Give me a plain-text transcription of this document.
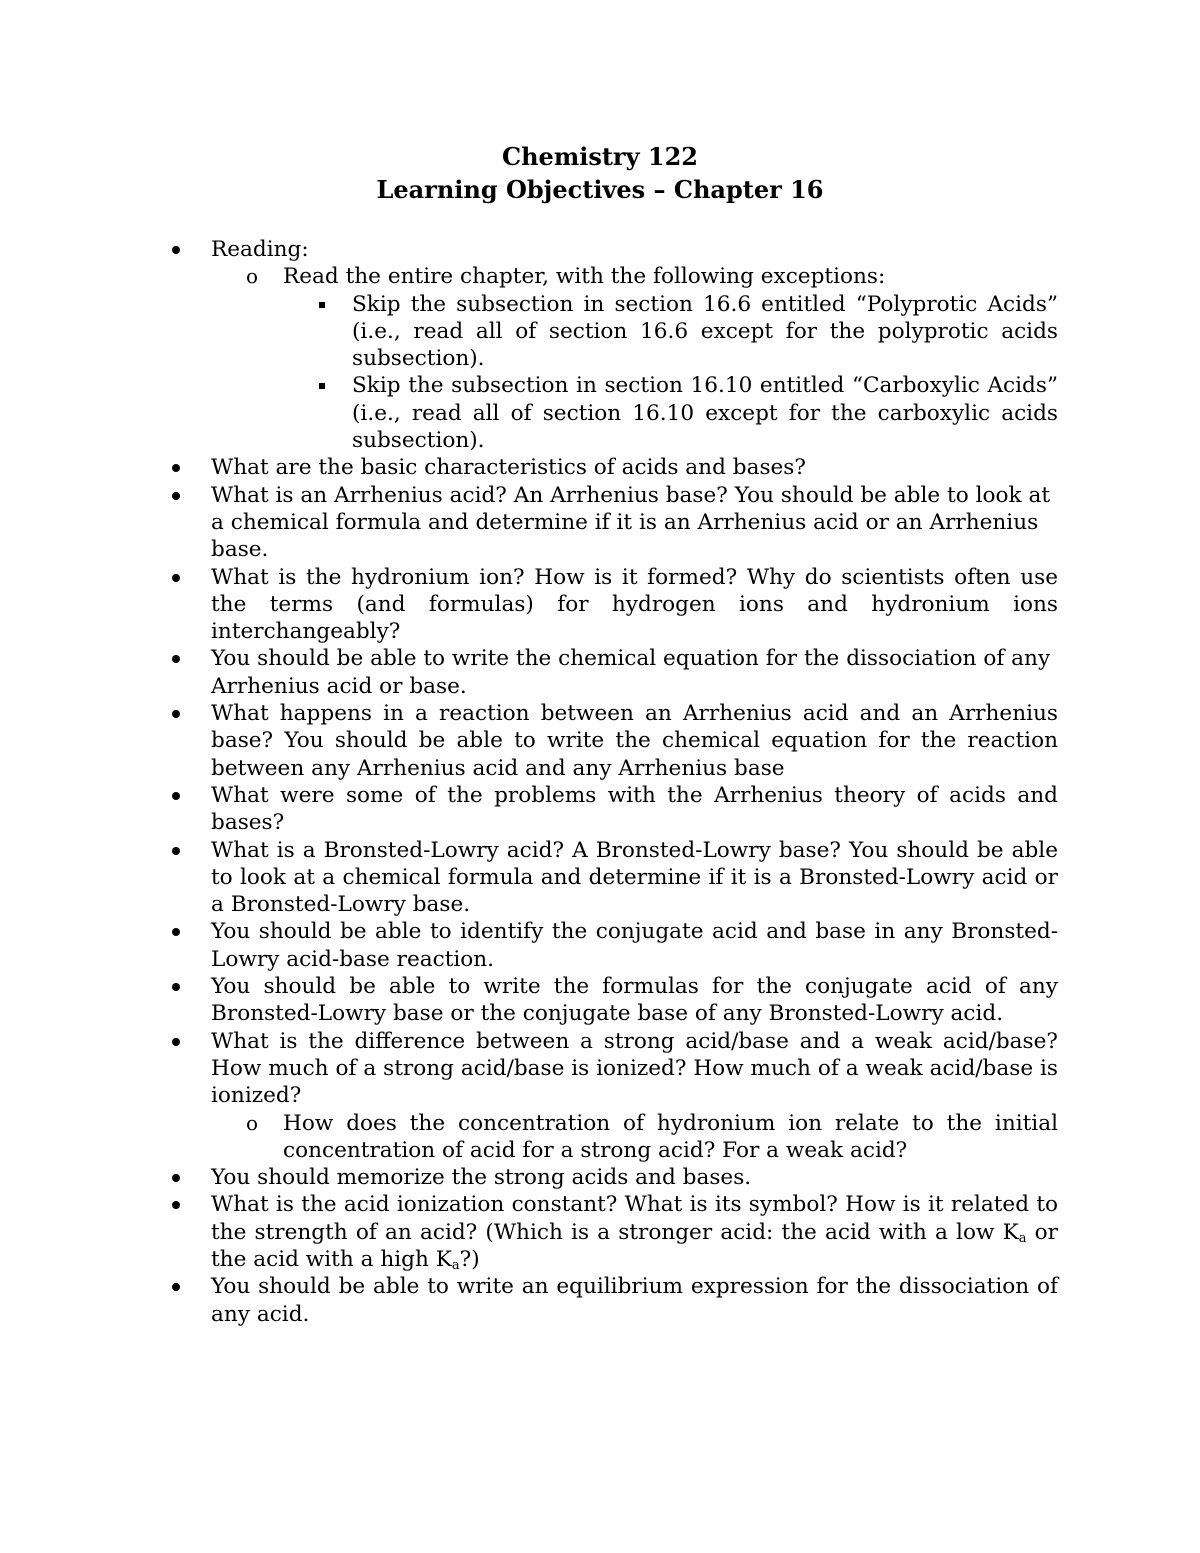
Chemistry 122
Learning Objectives – Chapter 16
Reading:
o Read the entire chapter, with the following exceptions:
Skip the subsection in section 16.6 entitled “Polyprotic Acids” (i.e., read all of section 16.6 except for the polyprotic acids subsection).
Skip the subsection in section 16.10 entitled “Carboxylic Acids” (i.e., read all of section 16.10 except for the carboxylic acids subsection).
What are the basic characteristics of acids and bases?
What is an Arrhenius acid? An Arrhenius base? You should be able to look at a chemical formula and determine if it is an Arrhenius acid or an Arrhenius base.
What is the hydronium ion? How is it formed? Why do scientists often use the terms (and formulas) for hydrogen ions and hydronium ions interchangeably?
You should be able to write the chemical equation for the dissociation of any Arrhenius acid or base.
What happens in a reaction between an Arrhenius acid and an Arrhenius base? You should be able to write the chemical equation for the reaction between any Arrhenius acid and any Arrhenius base
What were some of the problems with the Arrhenius theory of acids and bases?
What is a Bronsted-Lowry acid? A Bronsted-Lowry base? You should be able to look at a chemical formula and determine if it is a Bronsted-Lowry acid or a Bronsted-Lowry base.
You should be able to identify the conjugate acid and base in any Bronsted-Lowry acid-base reaction.
You should be able to write the formulas for the conjugate acid of any Bronsted-Lowry base or the conjugate base of any Bronsted-Lowry acid.
What is the difference between a strong acid/base and a weak acid/base? How much of a strong acid/base is ionized? How much of a weak acid/base is ionized?
o How does the concentration of hydronium ion relate to the initial concentration of acid for a strong acid? For a weak acid?
You should memorize the strong acids and bases.
What is the acid ionization constant? What is its symbol? How is it related to the strength of an acid? (Which is a stronger acid: the acid with a low $K_a$ or the acid with a high $K_a$?)
You should be able to write an equilibrium expression for the dissociation of any acid.
